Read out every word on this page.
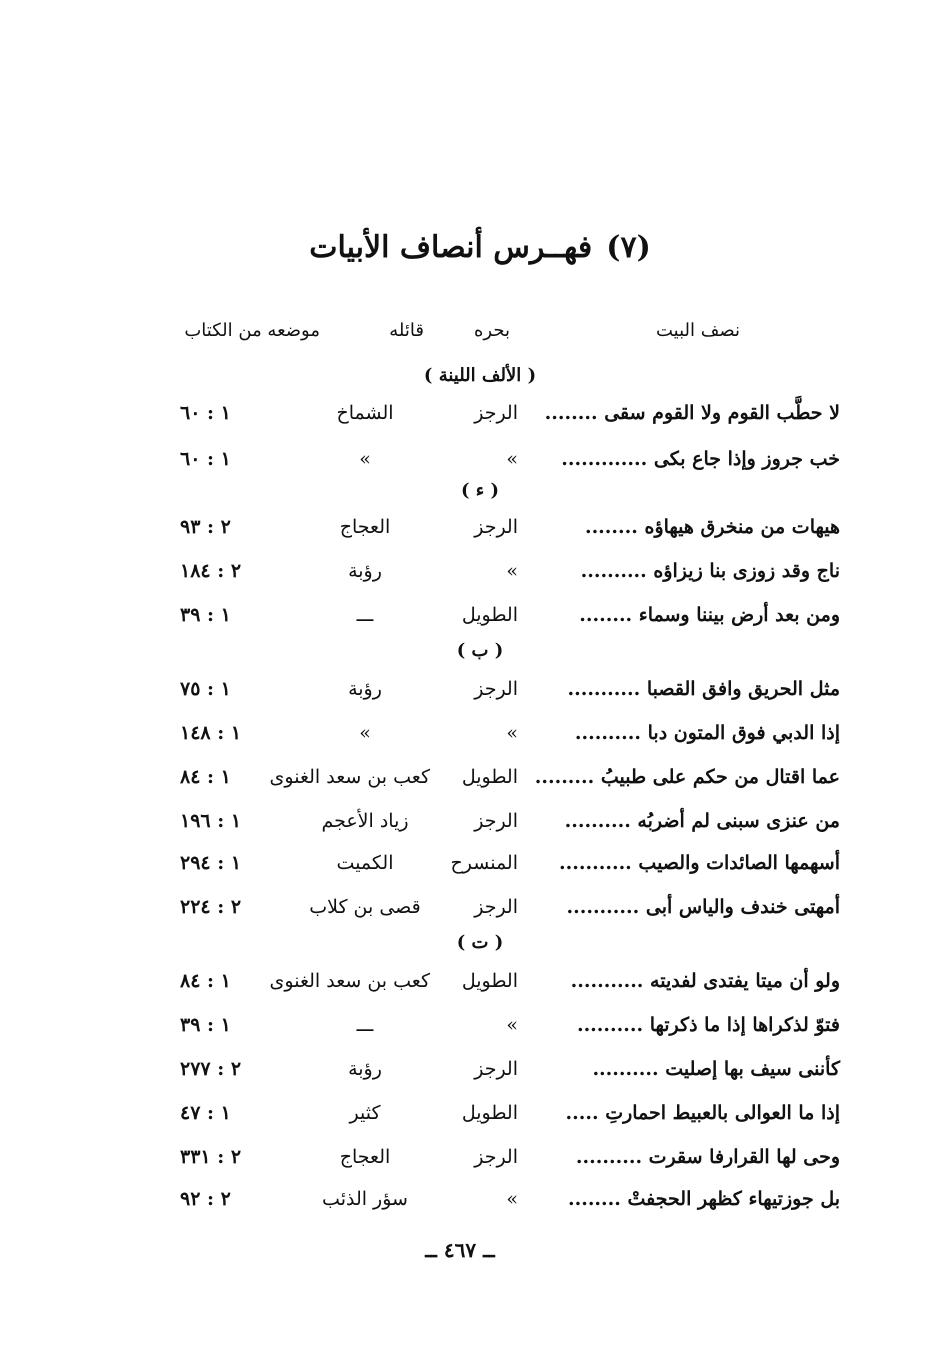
(٧)
فهــرس أنصاف الأبيات
نصف البيت
بحره
قائله
موضعه من الكتاب
( الألف اللينة )
لا حطَّب القوم ولا القوم سقى ........
الرجز
الشماخ
١ : ٦٠
خب جروز وإذا جاع بكى .............
»
»
١ : ٦٠
( ء )
هيهات من منخرق هيهاؤه ........
الرجز
العجاج
٢ : ٩٣
ناج وقد زوزى بنا زيزاؤه ..........
»
رؤبة
٢ : ١٨٤
ومن بعد أرض بيننا وسماء ........
الطويل
ـــ
١ : ٣٩
( ب )
مثل الحريق وافق القصبا ...........
الرجز
رؤبة
١ : ٧٥
إذا الدبي فوق المتون دبا ..........
»
»
١ : ١٤٨
عما اقتال من حكم على طبيبُ .........
الطويل
كعب بن سعد الغنوى
١ : ٨٤
من عنزى سبنى لم أضربُه ..........
الرجز
زياد الأعجم
١ : ١٩٦
أسهمها الصائدات والصيب ...........
المنسرح
الكميت
١ : ٢٩٤
أمهتى خندف والياس أبى ...........
الرجز
قصى بن كلاب
٢ : ٢٢٤
( ت )
ولو أن ميتا يفتدى لفديته ...........
الطويل
كعب بن سعد الغنوى
١ : ٨٤
فتوّ لذكراها إذا ما ذكرتها ..........
»
ـــ
١ : ٣٩
كأننى سيف بها إصليت ..........
الرجز
رؤبة
٢ : ٢٧٧
إذا ما العوالى بالعبيط احمارتِ .....
الطويل
كثير
١ : ٤٧
وحى لها القرارفا سقرت ..........
الرجز
العجاج
٢ : ٣٣١
بل جوزتيهاء كظهر الحجفتْ ........
»
سؤر الذئب
٢ : ٩٢
ــ ٤٦٧ ــ
